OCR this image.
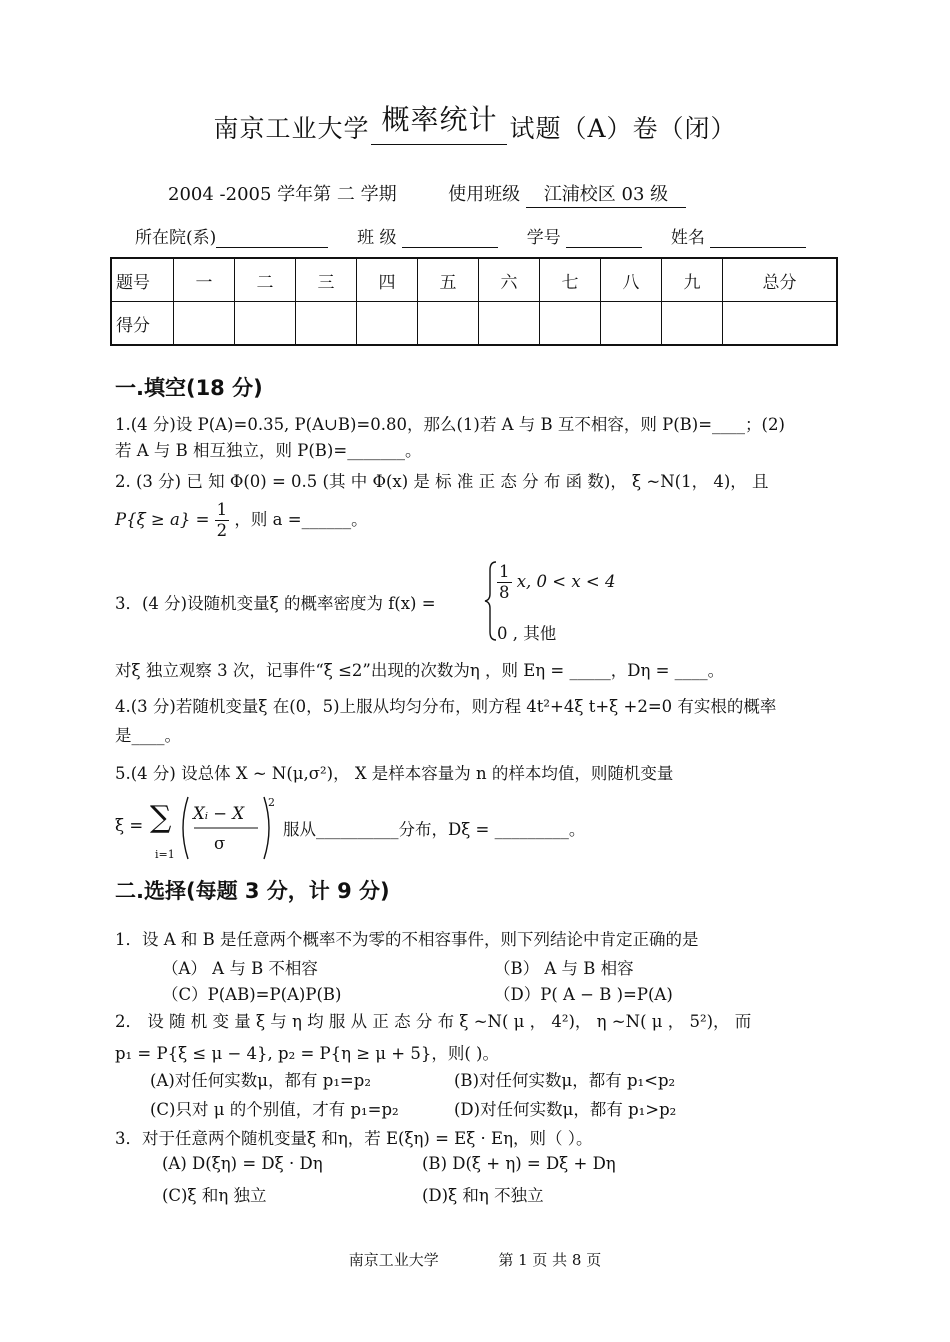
南京工业大学 概率统计 试题（A）卷（闭）
2004 -2005 学年第 二 学期	使用班级 江浦校区 03 级
所在院(系)	班 级	学号	姓名
题号	一	二	三	四	五	六	七	八	九	总分
得分										
一.填空(18 分)
1.(4 分)设 P(A)=0.35, P(A∪B)=0.80，那么(1)若 A 与 B 互不相容，则 P(B)=____；(2)
若 A 与 B 相互独立，则 P(B)=_______。
2. (3 分) 已 知 Φ(0) = 0.5 (其 中 Φ(x) 是 标 准 正 态 分 布 函 数)， ξ ~N(1， 4)， 且
$P\{\xi \ge a\} = \frac{1}{2}$ ，则 a =______。
3．(4 分)设随机变量ξ 的概率密度为 f(x) =
$\frac{1}{8} x$, 0 < x < 4
0 , 其他
对ξ 独立观察 3 次，记事件“ξ ≤2”出现的次数为η ，则 Eη = _____，Dη = ____。
4.(3 分)若随机变量ξ 在(0，5)上服从均匀分布，则方程 4t²+4ξ t+ξ +2=0 有实根的概率
是____。
5.(4 分) 设总体 X ~ N(μ,σ²)， X 是样本容量为 n 的样本均值，则随机变量
ξ = ∑
i=1
Xᵢ − X
σ
2
服从__________分布，Dξ = _________。
二.选择(每题 3 分，计 9 分)
1．设 A 和 B 是任意两个概率不为零的不相容事件，则下列结论中肯定正确的是
（A） A 与 B 不相容	（B） A 与 B 相容
（C）P(AB)=P(A)P(B)	（D）P( A − B )=P(A)
2． 设 随 机 变 量 ξ 与 η 均 服 从 正 态 分 布 ξ ~N( μ ， 4²)， η ~N( μ ， 5²)， 而
p₁ = P{ξ ≤ μ − 4}, p₂ = P{η ≥ μ + 5}，则( )。
(A)对任何实数μ，都有 p₁=p₂	(B)对任何实数μ，都有 p₁<p₂
(C)只对 μ 的个别值，才有 p₁=p₂	(D)对任何实数μ，都有 p₁>p₂
3．对于任意两个随机变量ξ 和η，若 E(ξη) = Eξ · Eη，则（ ）。
(A) D(ξη) = Dξ · Dη	(B) D(ξ + η) = Dξ + Dη
(C)ξ 和η 独立	(D)ξ 和η 不独立
南京工业大学	第 1 页 共 8 页
